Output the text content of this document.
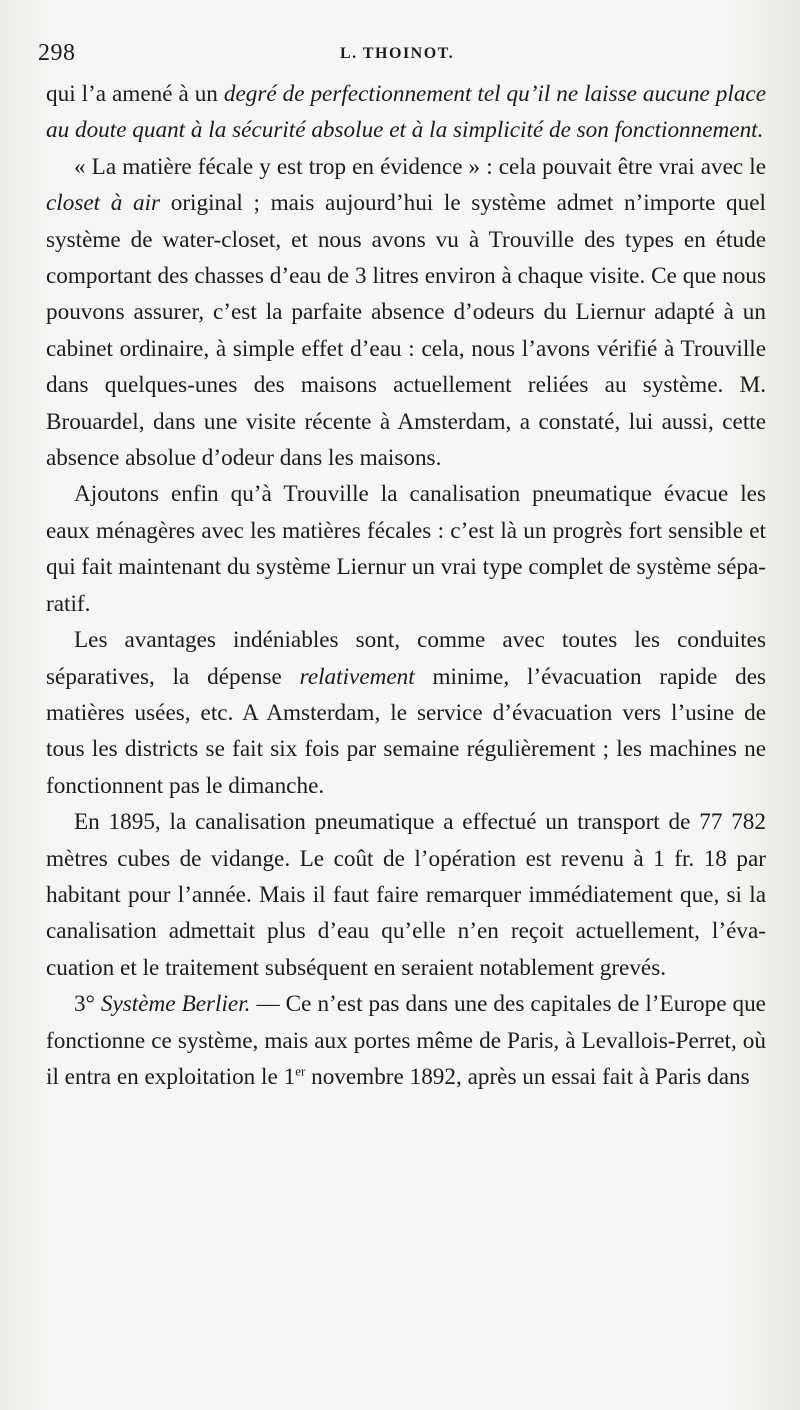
298	L. THOINOT.

qui l’a amené à un degré de perfectionnement tel qu’il ne laisse aucune place au doute quant à la sécurité absolue et à la simplicité de son fonctionnement.

« La matière fécale y est trop en évidence » : cela pouvait être vrai avec le closet à air original ; mais aujourd’hui le système admet n’importe quel système de water-closet, et nous avons vu à Trouville des types en étude comportant des chasses d’eau de 3 litres environ à chaque visite. Ce que nous pouvons assurer, c’est la parfaite absence d’odeurs du Liernur adapté à un cabinet ordinaire, à simple effet d’eau : cela, nous l’avons vérifié à Trouville dans quelques-unes des maisons actuellement reliées au système. M. Brouardel, dans une visite récente à Amsterdam, a constaté, lui aussi, cette absence absolue d’odeur dans les maisons.

Ajoutons enfin qu’à Trouville la canalisation pneumatique évacue les eaux ménagères avec les matières fécales : c’est là un progrès fort sensible et qui fait maintenant du système Liernur un vrai type complet de système séparatif.

Les avantages indéniables sont, comme avec toutes les conduites séparatives, la dépense relativement minime, l’évacuation rapide des matières usées, etc. A Amsterdam, le service d’évacuation vers l’usine de tous les districts se fait six fois par semaine régulièrement ; les machines ne fonctionnent pas le dimanche.

En 1895, la canalisation pneumatique a effectué un transport de 77 782 mètres cubes de vidange. Le coût de l’opération est revenu à 1 fr. 18 par habitant pour l’année. Mais il faut faire remarquer immédiatement que, si la canalisation admettait plus d’eau qu’elle n’en reçoit actuellement, l’évacuation et le traitement subséquent en seraient notablement grevés.

3° Système Berlier. — Ce n’est pas dans une des capitales de l’Europe que fonctionne ce système, mais aux portes même de Paris, à Levallois-Perret, où il entra en exploitation le 1er novembre 1892, après un essai fait à Paris dans
